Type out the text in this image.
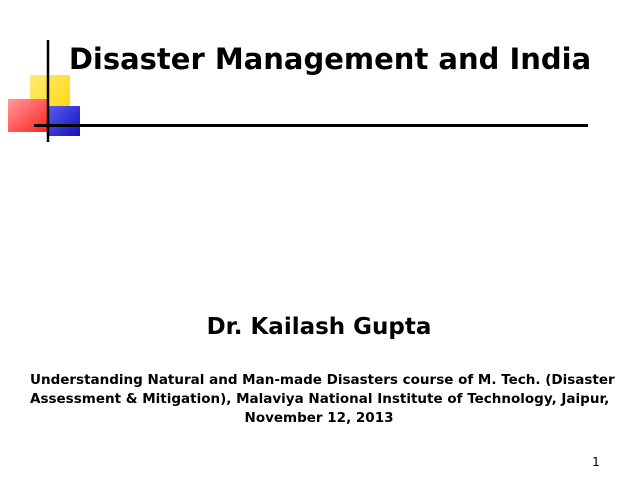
Disaster Management and India
Dr. Kailash Gupta
Understanding Natural and Man-made Disasters course of M. Tech. (Disaster
Assessment & Mitigation), Malaviya National Institute of Technology, Jaipur,
November 12, 2013
1
